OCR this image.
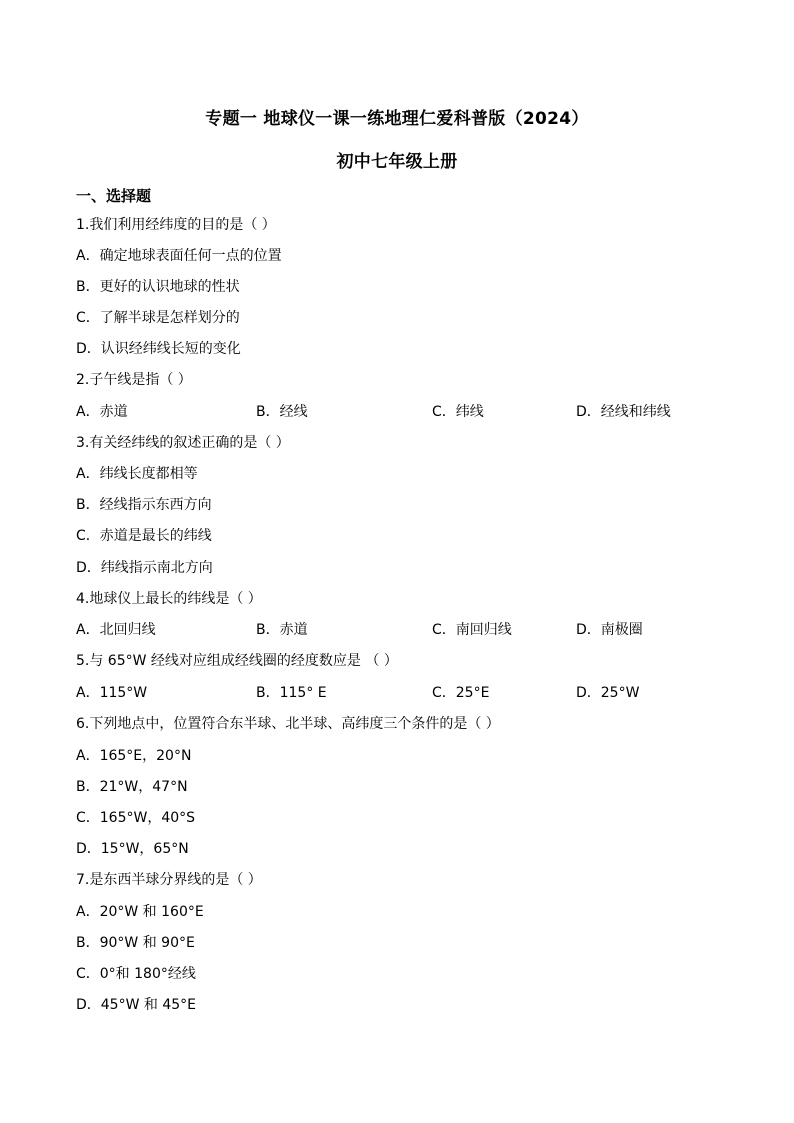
专题一 地球仪一课一练地理仁爱科普版（2024）
初中七年级上册
一、选择题
1.我们利用经纬度的目的是（ ）
A．确定地球表面任何一点的位置
B．更好的认识地球的性状
C．了解半球是怎样划分的
D．认识经纬线长短的变化
2.子午线是指（ ）
A．赤道	B．经线	C．纬线	D．经线和纬线
3.有关经纬线的叙述正确的是（ ）
A．纬线长度都相等
B．经线指示东西方向
C．赤道是最长的纬线
D．纬线指示南北方向
4.地球仪上最长的纬线是（ ）
A．北回归线	B．赤道	C．南回归线	D．南极圈
5.与 65°W 经线对应组成经线圈的经度数应是 （ ）
A．115°W	B．115° E	C．25°E	D．25°W
6.下列地点中，位置符合东半球、北半球、高纬度三个条件的是（ ）
A．165°E，20°N
B．21°W，47°N
C．165°W，40°S
D．15°W，65°N
7.是东西半球分界线的是（ ）
A．20°W 和 160°E
B．90°W 和 90°E
C．0°和 180°经线
D．45°W 和 45°E
